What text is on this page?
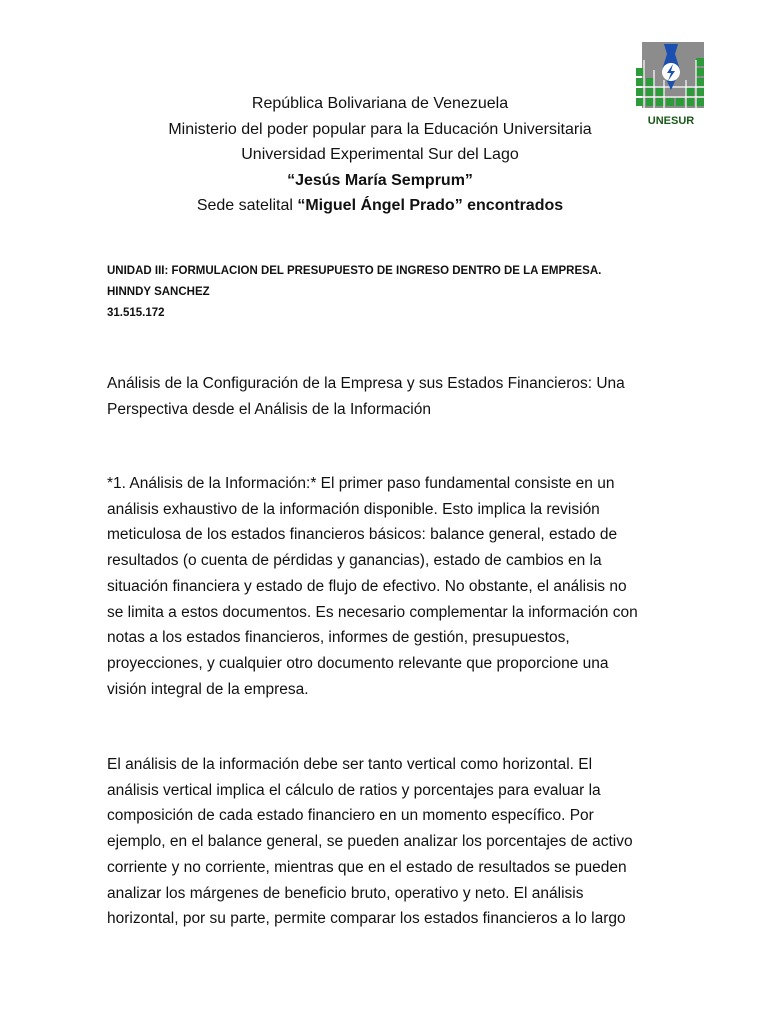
UNESUR
República Bolivariana de Venezuela
Ministerio del poder popular para la Educación Universitaria
Universidad Experimental Sur del Lago
“Jesús María Semprum”
Sede satelital “Miguel Ángel Prado” encontrados
UNIDAD III: FORMULACION DEL PRESUPUESTO DE INGRESO DENTRO DE LA EMPRESA.
HINNDY SANCHEZ
31.515.172
Análisis de la Configuración de la Empresa y sus Estados Financieros: Una
Perspectiva desde el Análisis de la Información
*1. Análisis de la Información:* El primer paso fundamental consiste en un
análisis exhaustivo de la información disponible. Esto implica la revisión
meticulosa de los estados financieros básicos: balance general, estado de
resultados (o cuenta de pérdidas y ganancias), estado de cambios en la
situación financiera y estado de flujo de efectivo. No obstante, el análisis no
se limita a estos documentos. Es necesario complementar la información con
notas a los estados financieros, informes de gestión, presupuestos,
proyecciones, y cualquier otro documento relevante que proporcione una
visión integral de la empresa.
El análisis de la información debe ser tanto vertical como horizontal. El
análisis vertical implica el cálculo de ratios y porcentajes para evaluar la
composición de cada estado financiero en un momento específico. Por
ejemplo, en el balance general, se pueden analizar los porcentajes de activo
corriente y no corriente, mientras que en el estado de resultados se pueden
analizar los márgenes de beneficio bruto, operativo y neto. El análisis
horizontal, por su parte, permite comparar los estados financieros a lo largo
